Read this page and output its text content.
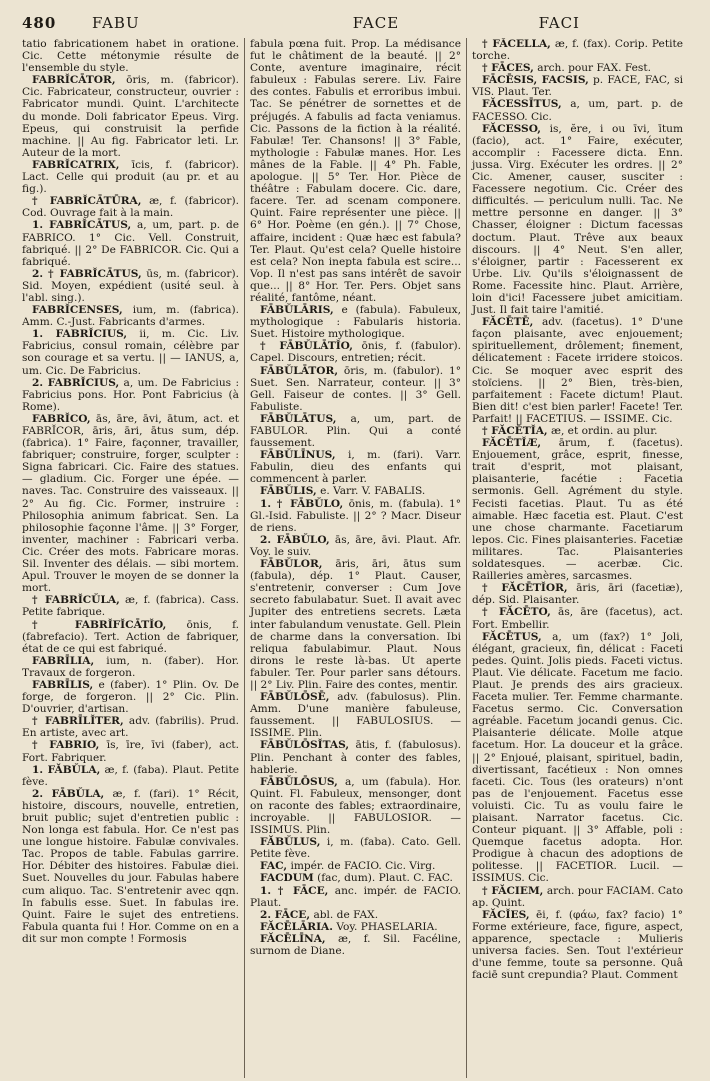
480	FABU	FACE	FACI

tatio fabricationem habet in oratione. Cic. Cette métonymie résulte de l'ensemble du style.

FABRĬCĀTOR, ōris, m. (fabricor). Cic. Fabricateur, constructeur, ouvrier : Fabricator mundi. Quint. L'architecte du monde. Doli fabricator Epeus. Virg. Epeus, qui construisit la perfide machine. || Au fig. Fabricator leti. Lr. Auteur de la mort.

FABRĬCATRIX, īcis, f. (fabricor). Lact. Celle qui produit (au pr. et au fig.).

† FABRĬCĀTŪRA, æ, f. (fabricor). Cod. Ouvrage fait à la main.

1. FABRĬCĀTUS, a, um, part. p. de FABRICO. 1° Cic. Vell. Construit, fabriqué. || 2° De FABRICOR. Cic. Qui a fabriqué.

2. † FABRĬCĀTUS, ūs, m. (fabricor). Sid. Moyen, expédient (usité seul. à l'abl. sing.).

FABRĬCENSES, ium, m. (fabrica). Amm. C.-Just. Fabricants d'armes.

1. FABRĬCIUS, ii, m. Cic. Liv. Fabricius, consul romain, célèbre par son courage et sa vertu. || — IANUS, a, um. Cic. De Fabricius.

2. FABRĬCIUS, a, um. De Fabricius : Fabricius pons. Hor. Pont Fabricius (à Rome).

FABRĬCO, ās, āre, āvi, ātum, act. et FABRĬCOR, āris, āri, ātus sum, dép. (fabrica). 1° Faire, façonner, travailler, fabriquer; construire, forger, sculpter : Signa fabricari. Cic. Faire des statues. — gladium. Cic. Forger une épée. — naves. Tac. Construire des vaisseaux. || 2° Au fig. Cic. Former, instruire : Philosophia animum fabricat. Sen. La philosophie façonne l'âme. || 3° Forger, inventer, machiner : Fabricari verba. Cic. Créer des mots. Fabricare moras. Sil. Inventer des délais. — sibi mortem. Apul. Trouver le moyen de se donner la mort.

† FABRĬCŬLA, æ, f. (fabrica). Cass. Petite fabrique.

† FABRĬFĬCĀTĬO, ōnis, f. (fabrefacio). Tert. Action de fabriquer, état de ce qui est fabriqué.

FABRĪLIA, ium, n. (faber). Hor. Travaux de forgeron.

FABRĪLIS, e (faber). 1° Plin. Ov. De forge, de forgeron. || 2° Cic. Plin. D'ouvrier, d'artisan.

† FABRĪLĬTER, adv. (fabrilis). Prud. En artiste, avec art.

† FABRIO, īs, īre, īvi (faber), act. Fort. Fabriquer.

1. FĂBŬLA, æ, f. (faba). Plaut. Petite fève.

2. FĀBŬLA, æ, f. (fari). 1° Récit, histoire, discours, nouvelle, entretien, bruit public; sujet d'entretien public : Non longa est fabula. Hor. Ce n'est pas une longue histoire. Fabulæ convivales. Tac. Propos de table. Fabulas garrire. Hor. Débiter des histoires. Fabulæ diei. Suet. Nouvelles du jour. Fabulas habere cum aliquo. Tac. S'entretenir avec qqn. In fabulis esse. Suet. In fabulas ire. Quint. Faire le sujet des entretiens. Fabula quanta fui ! Hor. Comme on en a dit sur mon compte ! Formosis

fabula pœna fuit. Prop. La médisance fut le châtiment de la beauté. || 2° Conte, aventure imaginaire, récit fabuleux : Fabulas serere. Liv. Faire des contes. Fabulis et erroribus imbui. Tac. Se pénétrer de sornettes et de préjugés. A fabulis ad facta veniamus. Cic. Passons de la fiction à la réalité. Fabulæ! Ter. Chansons! || 3° Fable, mythologie : Fabulæ manes. Hor. Les mânes de la Fable. || 4° Ph. Fable, apologue. || 5° Ter. Hor. Pièce de théâtre : Fabulam docere. Cic. dare, facere. Ter. ad scenam componere. Quint. Faire représenter une pièce. || 6° Hor. Poème (en gén.). || 7° Chose, affaire, incident : Quæ hæc est fabula? Ter. Plaut. Qu'est cela? Quelle histoire est cela? Non inepta fabula est scire... Vop. Il n'est pas sans intérêt de savoir que... || 8° Hor. Ter. Pers. Objet sans réalité, fantôme, néant.

FĀBŬLĀRIS, e (fabula). Fabuleux, mythologique : Fabularis historia. Suet. Histoire mythologique.

† FĀBŬLĀTĬO, ōnis, f. (fabulor). Capel. Discours, entretien; récit.

FĀBŬLĀTOR, ōris, m. (fabulor). 1° Suet. Sen. Narrateur, conteur. || 3° Gell. Faiseur de contes. || 3° Gell. Fabuliste.

FĀBŬLĀTUS, a, um, part. de FABULOR. Plin. Qui a conté faussement.

FĀBŬLĪNUS, i, m. (fari). Varr. Fabulin, dieu des enfants qui commencent à parler.

FĀBŬLIS, e. Varr. V. FABALIS.

1. † FĀBŬLO, ōnis, m. (fabula). 1° Gl.-Isid. Fabuliste. || 2° ? Macr. Diseur de riens.

2. FĀBŬLO, ās, āre, āvi. Plaut. Afr. Voy. le suiv.

FĀBŬLOR, āris, āri, ātus sum (fabula), dép. 1° Plaut. Causer, s'entretenir, converser : Cum Jove secreto fabulabatur. Suet. Il avait avec Jupiter des entretiens secrets. Læta inter fabulandum venustate. Gell. Plein de charme dans la conversation. Ibi reliqua fabulabimur. Plaut. Nous dirons le reste là-bas. Ut aperte fabuler. Ter. Pour parler sans détours. || 2° Liv. Plin. Faire des contes, mentir.

FĀBŬLŌSĒ, adv. (fabulosus). Plin. Amm. D'une manière fabuleuse, faussement. || FABULOSIUS. — ISSIME. Plin.

FĀBŬLŌSĬTAS, ātis, f. (fabulosus). Plin. Penchant à conter des fables, hablerie.

FĀBŬLŌSUS, a, um (fabula). Hor. Quint. Fl. Fabuleux, mensonger, dont on raconte des fables; extraordinaire, incroyable. || FABULOSIOR. — ISSIMUS. Plin.

FĂBŬLUS, i, m. (faba). Cato. Gell. Petite fève.

FAC, impér. de FACIO. Cic. Virg.

FACDUM (fac, dum). Plaut. C. FAC.

1. † FĀCE, anc. impér. de FACIO. Plaut.

2. FĀCE, abl. de FAX.

FĂCĒLĀRIA. Voy. PHASELARIA.

FĂCĒLĪNA, æ, f. Sil. Facéline, surnom de Diane.

† FĀCELLA, æ, f. (fax). Corip. Petite torche.

† FĀCES, arch. pour FAX. Fest.

FĀCĒSIS, FACSIS, p. FACE, FAC, si VIS. Plaut. Ter.

FĂCESSĪTUS, a, um, part. p. de FACESSO. Cic.

FĂCESSO, is, ĕre, i ou īvi, ītum (facio), act. 1° Faire, exécuter, accomplir : Facessere dicta. Enn. jussa. Virg. Exécuter les ordres. || 2° Cic. Amener, causer, susciter : Facessere negotium. Cic. Créer des difficultés. — periculum nulli. Tac. Ne mettre personne en danger. || 3° Chasser, éloigner : Dictum facessas doctum. Plaut. Trêve aux beaux discours. || 4° Neut. S'en aller, s'éloigner, partir : Facesserent ex Urbe. Liv. Qu'ils s'éloignassent de Rome. Facessite hinc. Plaut. Arrière, loin d'ici! Facessere jubet amicitiam. Just. Il fait taire l'amitié.

FĂCĒTĒ, adv. (facetus). 1° D'une façon plaisante, avec enjouement; spirituellement, drôlement; finement, délicatement : Facete irridere stoicos. Cic. Se moquer avec esprit des stoïciens. || 2° Bien, très-bien, parfaitement : Facete dictum! Plaut. Bien dit! c'est bien parler! Facete! Ter. Parfait! || FACETIUS. — ISSIME. Cic.

† FĂCĒTĬA, æ, et ordin. au plur.

FĂCĒTĬÆ, ārum, f. (facetus). Enjouement, grâce, esprit, finesse, trait d'esprit, mot plaisant, plaisanterie, facétie : Facetia sermonis. Gell. Agrément du style. Fecisti facetias. Plaut. Tu as été aimable. Hæc facetia est. Plaut. C'est une chose charmante. Facetiarum lepos. Cic. Fines plaisanteries. Facetiæ militares. Tac. Plaisanteries soldatesques. — acerbæ. Cic. Railleries amères, sarcasmes.

† FĂCĒTĬOR, āris, āri (facetiæ), dép. Sid. Plaisanter.

† FĂCĒTO, ās, āre (facetus), act. Fort. Embellir.

FĂCĒTUS, a, um (fax?) 1° Joli, élégant, gracieux, fin, délicat : Faceti pedes. Quint. Jolis pieds. Faceti victus. Plaut. Vie délicate. Facetum me facio. Plaut. Je prends des airs gracieux. Faceta mulier. Ter. Femme charmante. Facetus sermo. Cic. Conversation agréable. Facetum jocandi genus. Cic. Plaisanterie délicate. Molle atque facetum. Hor. La douceur et la grâce. || 2° Enjoué, plaisant, spirituel, badin, divertissant, facétieux : Non omnes faceti. Cic. Tous (les orateurs) n'ont pas de l'enjouement. Facetus esse voluisti. Cic. Tu as voulu faire le plaisant. Narrator facetus. Cic. Conteur piquant. || 3° Affable, poli : Quemque facetus adopta. Hor. Prodigue à chacun des adoptions de politesse. || FACETIOR. Lucil. — ISSIMUS. Cic.

† FĂCIEM, arch. pour FACIAM. Cato ap. Quint.

FĂCĬES, ēi, f. (φάω, fax? facio) 1° Forme extérieure, face, figure, aspect, apparence, spectacle : Mulieris universa facies. Sen. Tout l'extérieur d'une femme, toute sa personne. Quâ faciē sunt crepundia? Plaut. Comment
